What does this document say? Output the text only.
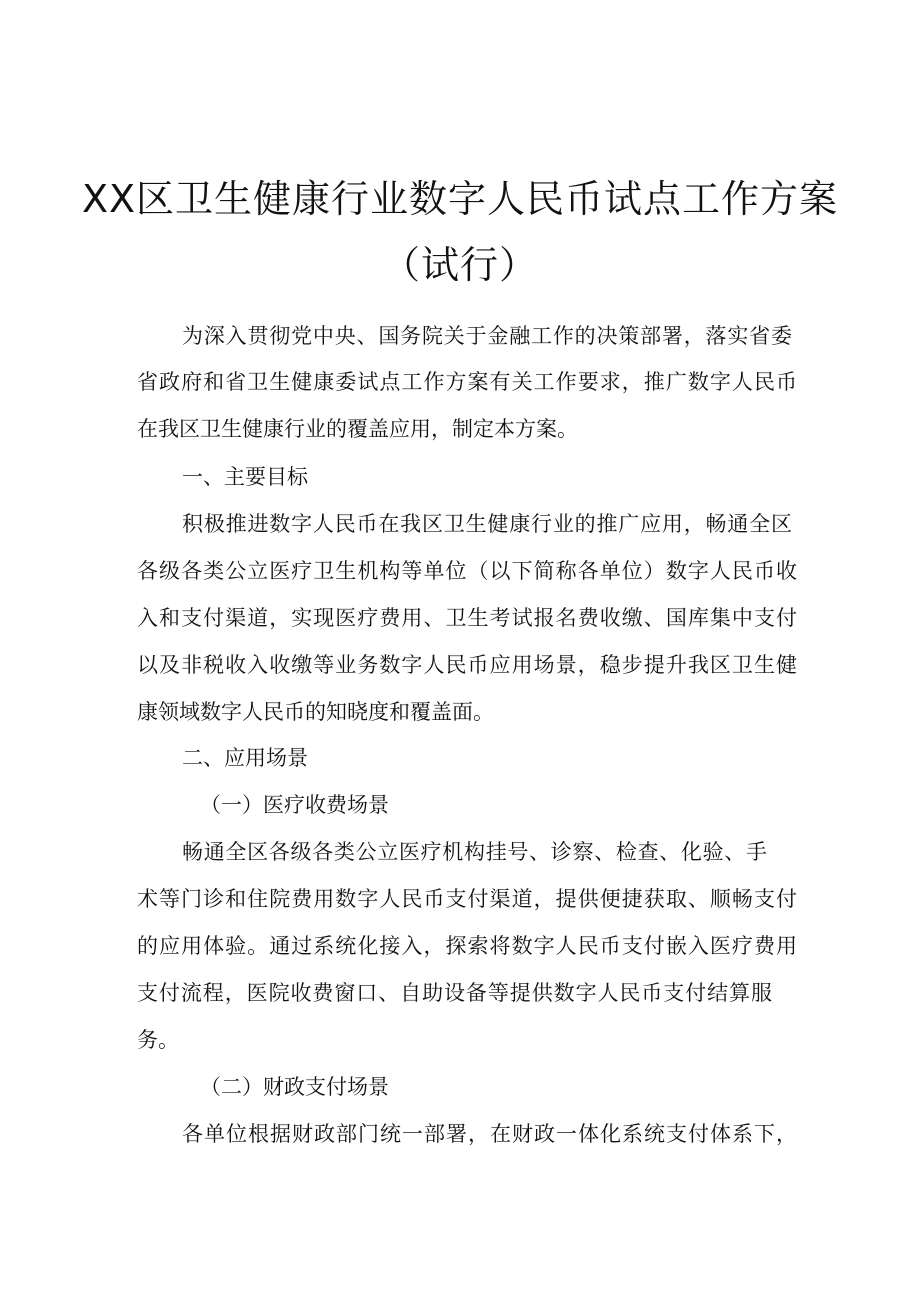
XX区卫生健康行业数字人民币试点工作方案
（试行）
为深入贯彻党中央、国务院关于金融工作的决策部署，落实省委
省政府和省卫生健康委试点工作方案有关工作要求，推广数字人民币
在我区卫生健康行业的覆盖应用，制定本方案。
一、主要目标
积极推进数字人民币在我区卫生健康行业的推广应用，畅通全区
各级各类公立医疗卫生机构等单位（以下简称各单位）数字人民币收
入和支付渠道，实现医疗费用、卫生考试报名费收缴、国库集中支付
以及非税收入收缴等业务数字人民币应用场景，稳步提升我区卫生健
康领域数字人民币的知晓度和覆盖面。
二、应用场景
（一）医疗收费场景
畅通全区各级各类公立医疗机构挂号、诊察、检查、化验、手
术等门诊和住院费用数字人民币支付渠道，提供便捷获取、顺畅支付
的应用体验。通过系统化接入，探索将数字人民币支付嵌入医疗费用
支付流程，医院收费窗口、自助设备等提供数字人民币支付结算服
务。
（二）财政支付场景
各单位根据财政部门统一部署，在财政一体化系统支付体系下，
